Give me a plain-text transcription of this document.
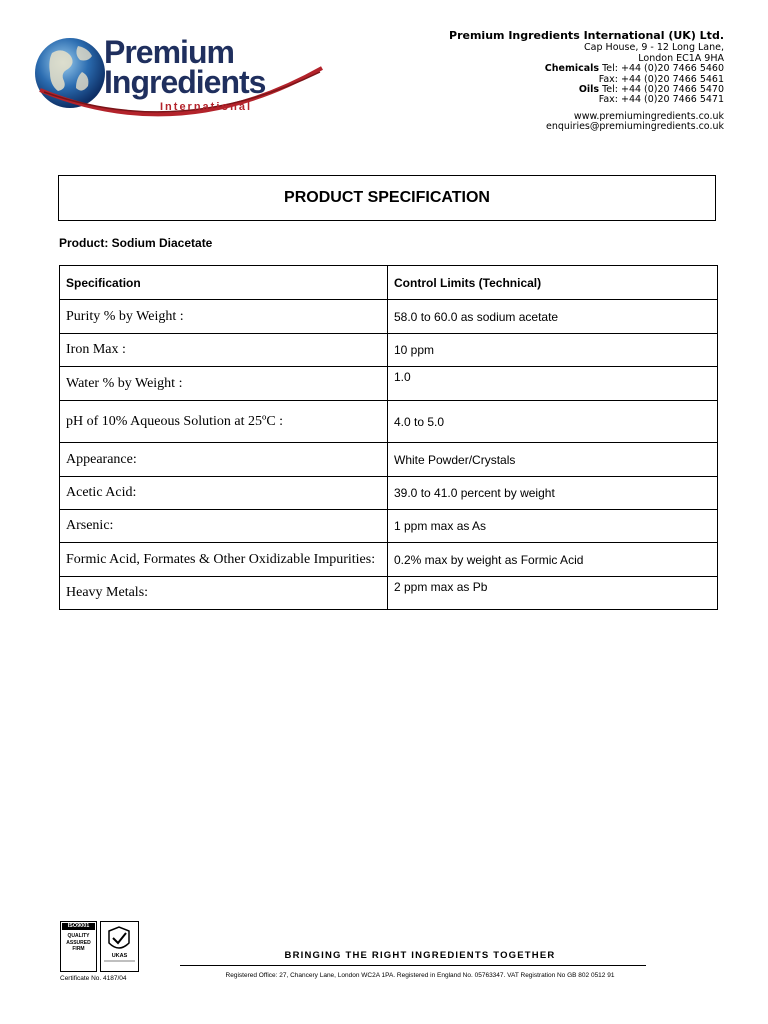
Premium
Ingredients
International
Premium Ingredients International (UK) Ltd.
Cap House, 9 - 12 Long Lane,
London EC1A 9HA
Chemicals Tel: +44 (0)20 7466 5460
Fax: +44 (0)20 7466 5461
Oils Tel: +44 (0)20 7466 5470
Fax: +44 (0)20 7466 5471
www.premiumingredients.co.uk
enquiries@premiumingredients.co.uk
PRODUCT SPECIFICATION
Product: Sodium Diacetate
Specification	Control Limits (Technical)
Purity % by Weight :	58.0 to 60.0 as sodium acetate
Iron Max :	10 ppm
Water % by Weight :	1.0
pH of 10% Aqueous Solution at 25ºC :	4.0 to 5.0
Appearance:	White Powder/Crystals
Acetic Acid:	39.0 to 41.0 percent by weight
Arsenic:	1 ppm max as As
Formic Acid, Formates & Other Oxidizable Impurities:	0.2% max by weight as Formic Acid
Heavy Metals:	2 ppm max as Pb
ISO9001
QUALITY
ASSURED
FIRM
UKAS
Certificate No. 4187/04
BRINGING THE RIGHT INGREDIENTS TOGETHER
Registered Office: 27, Chancery Lane, London WC2A 1PA. Registered in England No. 05763347. VAT Registration No GB 802 0512 91
